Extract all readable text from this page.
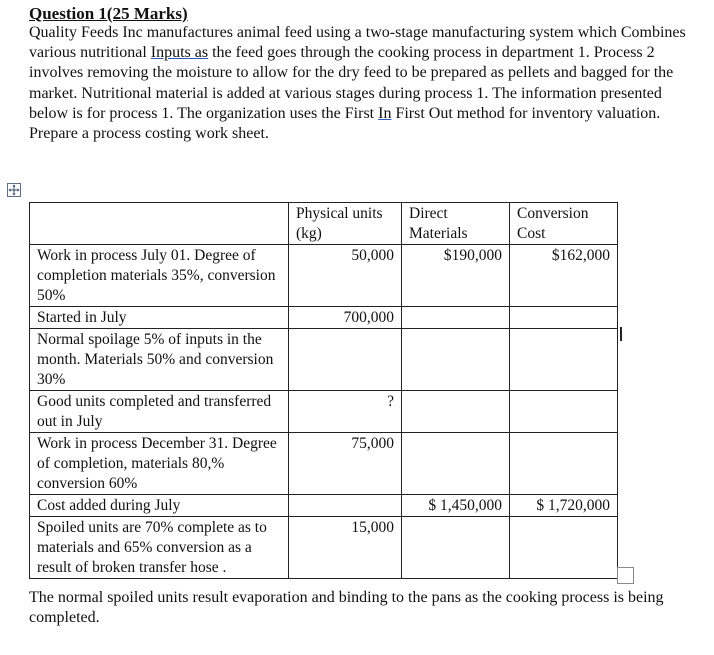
Question 1(25 Marks)
Quality Feeds Inc manufactures animal feed using a two-stage manufacturing system which Combines various nutritional Inputs as the feed goes through the cooking process in department 1. Process 2 involves removing the moisture to allow for the dry feed to be prepared as pellets and bagged for the market. Nutritional material is added at various stages during process 1. The information presented below is for process 1. The organization uses the First In First Out method for inventory valuation. Prepare a process costing work sheet.
	Physical units (kg)	Direct Materials	Conversion Cost
Work in process July 01. Degree of completion materials 35%, conversion 50%	50,000	$190,000	$162,000
Started in July	700,000		
Normal spoilage 5% of inputs in the month. Materials 50% and conversion 30%			
Good units completed and transferred out in July	?		
Work in process December 31. Degree of completion, materials 80,% conversion 60%	75,000		
Cost added during July		$ 1,450,000	$ 1,720,000
Spoiled units are 70% complete as to materials and 65% conversion as a result of broken transfer hose .	15,000		
The normal spoiled units result evaporation and binding to the pans as the cooking process is being completed.
